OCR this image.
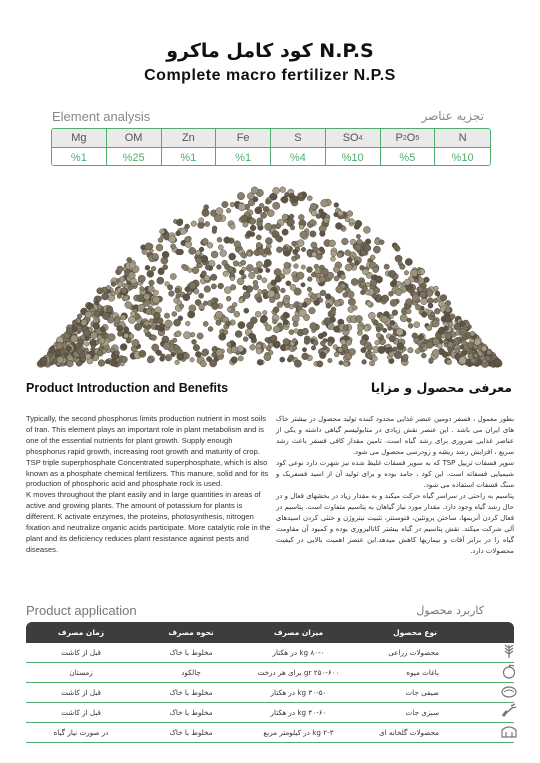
کود کامل ماکرو N.P.S
Complete macro fertilizer N.P.S
Element analysis	تجزیه عناصر
Mg	OM	Zn	Fe	S	SO 4	P 2 O 5	N
%1	%25	%1	%1	%4	%10	%5	%10
Product Introduction and Benefits	معرفی محصول و مزایا

Typically, the second phosphorus limits production nutrient in most soils of Iran. This element plays an important role in plant metabolism and is one of the essential nutrients for plant growth. Supply enough phosphorus rapid growth, increasing root growth and maturity of crop.

TSP triple superphosphate Concentrated superphosphate, which is also known as a phosphate chemical fertilizers. This manure, solid and for its production of phosphoric acid and phosphate rock is used.

K moves throughout the plant easily and in large quantities in areas of active and growing plants. The amount of potassium for plants is different. K activate enzymes, the proteins, photosynthesis, nitrogen fixation and neutralize organic acids participate. More catalytic role in the plant and its deficiency reduces plant resistance against pests and diseases.

بطور معمول ، فسفر دومین عنصر غذایی محدود کننده تولید محصول در بیشتر خاک های ایران می باشد . این عنصر نقش زیادی در متابولیسم گیاهی داشته و یکی از عناصر غذایی ضروری برای رشد گیاه است. تامین مقدار کافی فسفر باعث رشد سریع ، افزایش رشد ریشه و زودرسی محصول می شود.

سوپر فسفات تریپل TSP که به سوپر فسفات غلیظ شده نیز شهرت دارد نوعی کود شیمیایی فسفاته است. این کود ، جامد بوده و برای تولید آن از اسید فسفریک و سنگ فسفات استفاده می شود.

پتاسیم به راحتی در سراسر گیاه حرکت میکند و به مقدار زیاد در بخشهای فعال و در حال رشد گیاه وجود دارد. مقدار مورد نیاز گیاهان به پتاسیم متفاوت است. پتاسیم در فعال کردن آنزیمها، ساختن پروتئین، فتوسنتز، تثبیت نیتروژن و خنثی کردن اسیدهای آلی شرکت میکند. نقش پتاسیم در گیاه بیشتر کاتالیزوری بوده و کمبود آن مقاومت گیاه را در برابر آفات و بیماریها کاهش میدهد.این عنصر اهمیت بالایی در کیفیت محصولات دارد.

Product application	کاربرد محصول
زمان مصرف	نحوه مصرف	میزان مصرف	نوع محصول
قبل از کاشت	مخلوط با خاک	۸۰-۰ kg در هکتار	محصولات زراعی
زمستان	چالکود	۲۵۰-۶۰۰ gr برای هر درخت	باغات میوه
قبل از کاشت	مخلوط با خاک	۳۰-۵۰ kg در هکتار	صیفی جات
قبل از کاشت	مخلوط با خاک	۴۰-۶۰ kg در هکتار	سبزی جات
در صورت نیاز گیاه	مخلوط با خاک	۲-۳ kg در کیلومتر مربع	محصولات گلخانه ای
